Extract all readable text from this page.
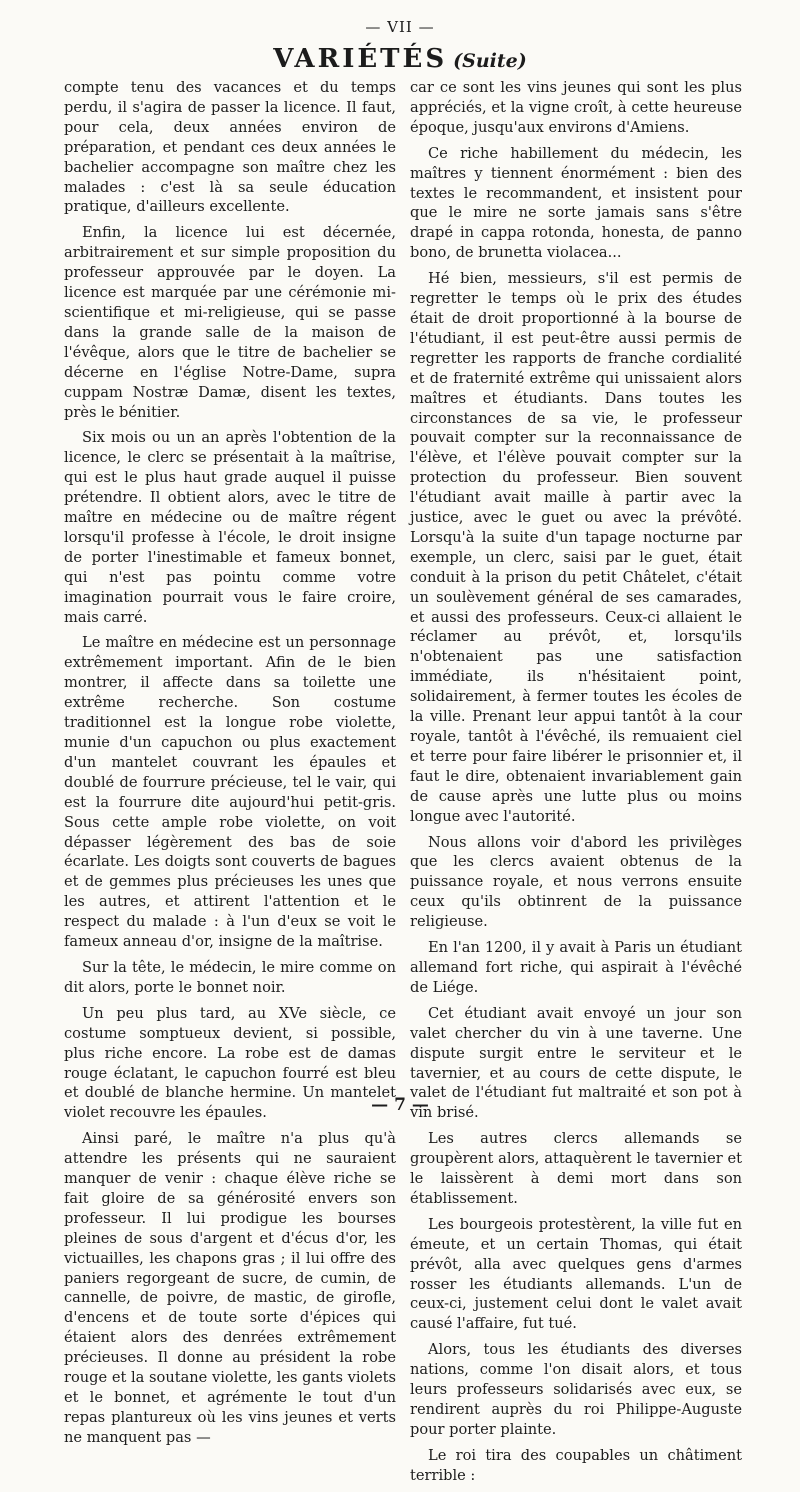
— VII —
VARIÉTÉS (Suite)

compte tenu des vacances et du temps perdu, il s'agira de passer la licence. Il faut, pour cela, deux années environ de préparation, et pendant ces deux années le bachelier accompagne son maître chez les malades : c'est là sa seule éducation pratique, d'ailleurs excellente.

Enfin, la licence lui est décernée, arbitrairement et sur simple proposition du professeur approuvée par le doyen. La licence est marquée par une cérémonie mi-scientifique et mi-religieuse, qui se passe dans la grande salle de la maison de l'évêque, alors que le titre de bachelier se décerne en l'église Notre-Dame, supra cuppam Nostræ Damæ, disent les textes, près le bénitier.

Six mois ou un an après l'obtention de la licence, le clerc se présentait à la maîtrise, qui est le plus haut grade auquel il puisse prétendre. Il obtient alors, avec le titre de maître en médecine ou de maître régent lorsqu'il professe à l'école, le droit insigne de porter l'inestimable et fameux bonnet, qui n'est pas pointu comme votre imagination pourrait vous le faire croire, mais carré.

Le maître en médecine est un personnage extrêmement important. Afin de le bien montrer, il affecte dans sa toilette une extrême recherche. Son costume traditionnel est la longue robe violette, munie d'un capuchon ou plus exactement d'un mantelet couvrant les épaules et doublé de fourrure précieuse, tel le vair, qui est la fourrure dite aujourd'hui petit-gris. Sous cette ample robe violette, on voit dépasser légèrement des bas de soie écarlate. Les doigts sont couverts de bagues et de gemmes plus précieuses les unes que les autres, et attirent l'attention et le respect du malade : à l'un d'eux se voit le fameux anneau d'or, insigne de la maîtrise.

Sur la tête, le médecin, le mire comme on dit alors, porte le bonnet noir.

Un peu plus tard, au XVe siècle, ce costume somptueux devient, si possible, plus riche encore. La robe est de damas rouge éclatant, le capuchon fourré est bleu et doublé de blanche hermine. Un mantelet violet recouvre les épaules.

Ainsi paré, le maître n'a plus qu'à attendre les présents qui ne sauraient manquer de venir : chaque élève riche se fait gloire de sa générosité envers son professeur. Il lui prodigue les bourses pleines de sous d'argent et d'écus d'or, les victuailles, les chapons gras ; il lui offre des paniers regorgeant de sucre, de cumin, de cannelle, de poivre, de mastic, de girofle, d'encens et de toute sorte d'épices qui étaient alors des denrées extrêmement précieuses. Il donne au président la robe rouge et la soutane violette, les gants violets et le bonnet, et agrémente le tout d'un repas plantureux où les vins jeunes et verts ne manquent pas —

car ce sont les vins jeunes qui sont les plus appréciés, et la vigne croît, à cette heureuse époque, jusqu'aux environs d'Amiens.

Ce riche habillement du médecin, les maîtres y tiennent énormément : bien des textes le recommandent, et insistent pour que le mire ne sorte jamais sans s'être drapé in cappa rotonda, honesta, de panno bono, de brunetta violacea...

Hé bien, messieurs, s'il est permis de regretter le temps où le prix des études était de droit proportionné à la bourse de l'étudiant, il est peut-être aussi permis de regretter les rapports de franche cordialité et de fraternité extrême qui unissaient alors maîtres et étudiants. Dans toutes les circonstances de sa vie, le professeur pouvait compter sur la reconnaissance de l'élève, et l'élève pouvait compter sur la protection du professeur. Bien souvent l'étudiant avait maille à partir avec la justice, avec le guet ou avec la prévôté. Lorsqu'à la suite d'un tapage nocturne par exemple, un clerc, saisi par le guet, était conduit à la prison du petit Châtelet, c'était un soulèvement général de ses camarades, et aussi des professeurs. Ceux-ci allaient le réclamer au prévôt, et, lorsqu'ils n'obtenaient pas une satisfaction immédiate, ils n'hésitaient point, solidairement, à fermer toutes les écoles de la ville. Prenant leur appui tantôt à la cour royale, tantôt à l'évêché, ils remuaient ciel et terre pour faire libérer le prisonnier et, il faut le dire, obtenaient invariablement gain de cause après une lutte plus ou moins longue avec l'autorité.

Nous allons voir d'abord les privilèges que les clercs avaient obtenus de la puissance royale, et nous verrons ensuite ceux qu'ils obtinrent de la puissance religieuse.

En l'an 1200, il y avait à Paris un étudiant allemand fort riche, qui aspirait à l'évêché de Liége.

Cet étudiant avait envoyé un jour son valet chercher du vin à une taverne. Une dispute surgit entre le serviteur et le tavernier, et au cours de cette dispute, le valet de l'étudiant fut maltraité et son pot à vin brisé.

Les autres clercs allemands se groupèrent alors, attaquèrent le tavernier et le laissèrent à demi mort dans son établissement.

Les bourgeois protestèrent, la ville fut en émeute, et un certain Thomas, qui était prévôt, alla avec quelques gens d'armes rosser les étudiants allemands. L'un de ceux-ci, justement celui dont le valet avait causé l'affaire, fut tué.

Alors, tous les étudiants des diverses nations, comme l'on disait alors, et tous leurs professeurs solidarisés avec eux, se rendirent auprès du roi Philippe-Auguste pour porter plainte.

Le roi tira des coupables un châtiment terrible :

— 7 —
